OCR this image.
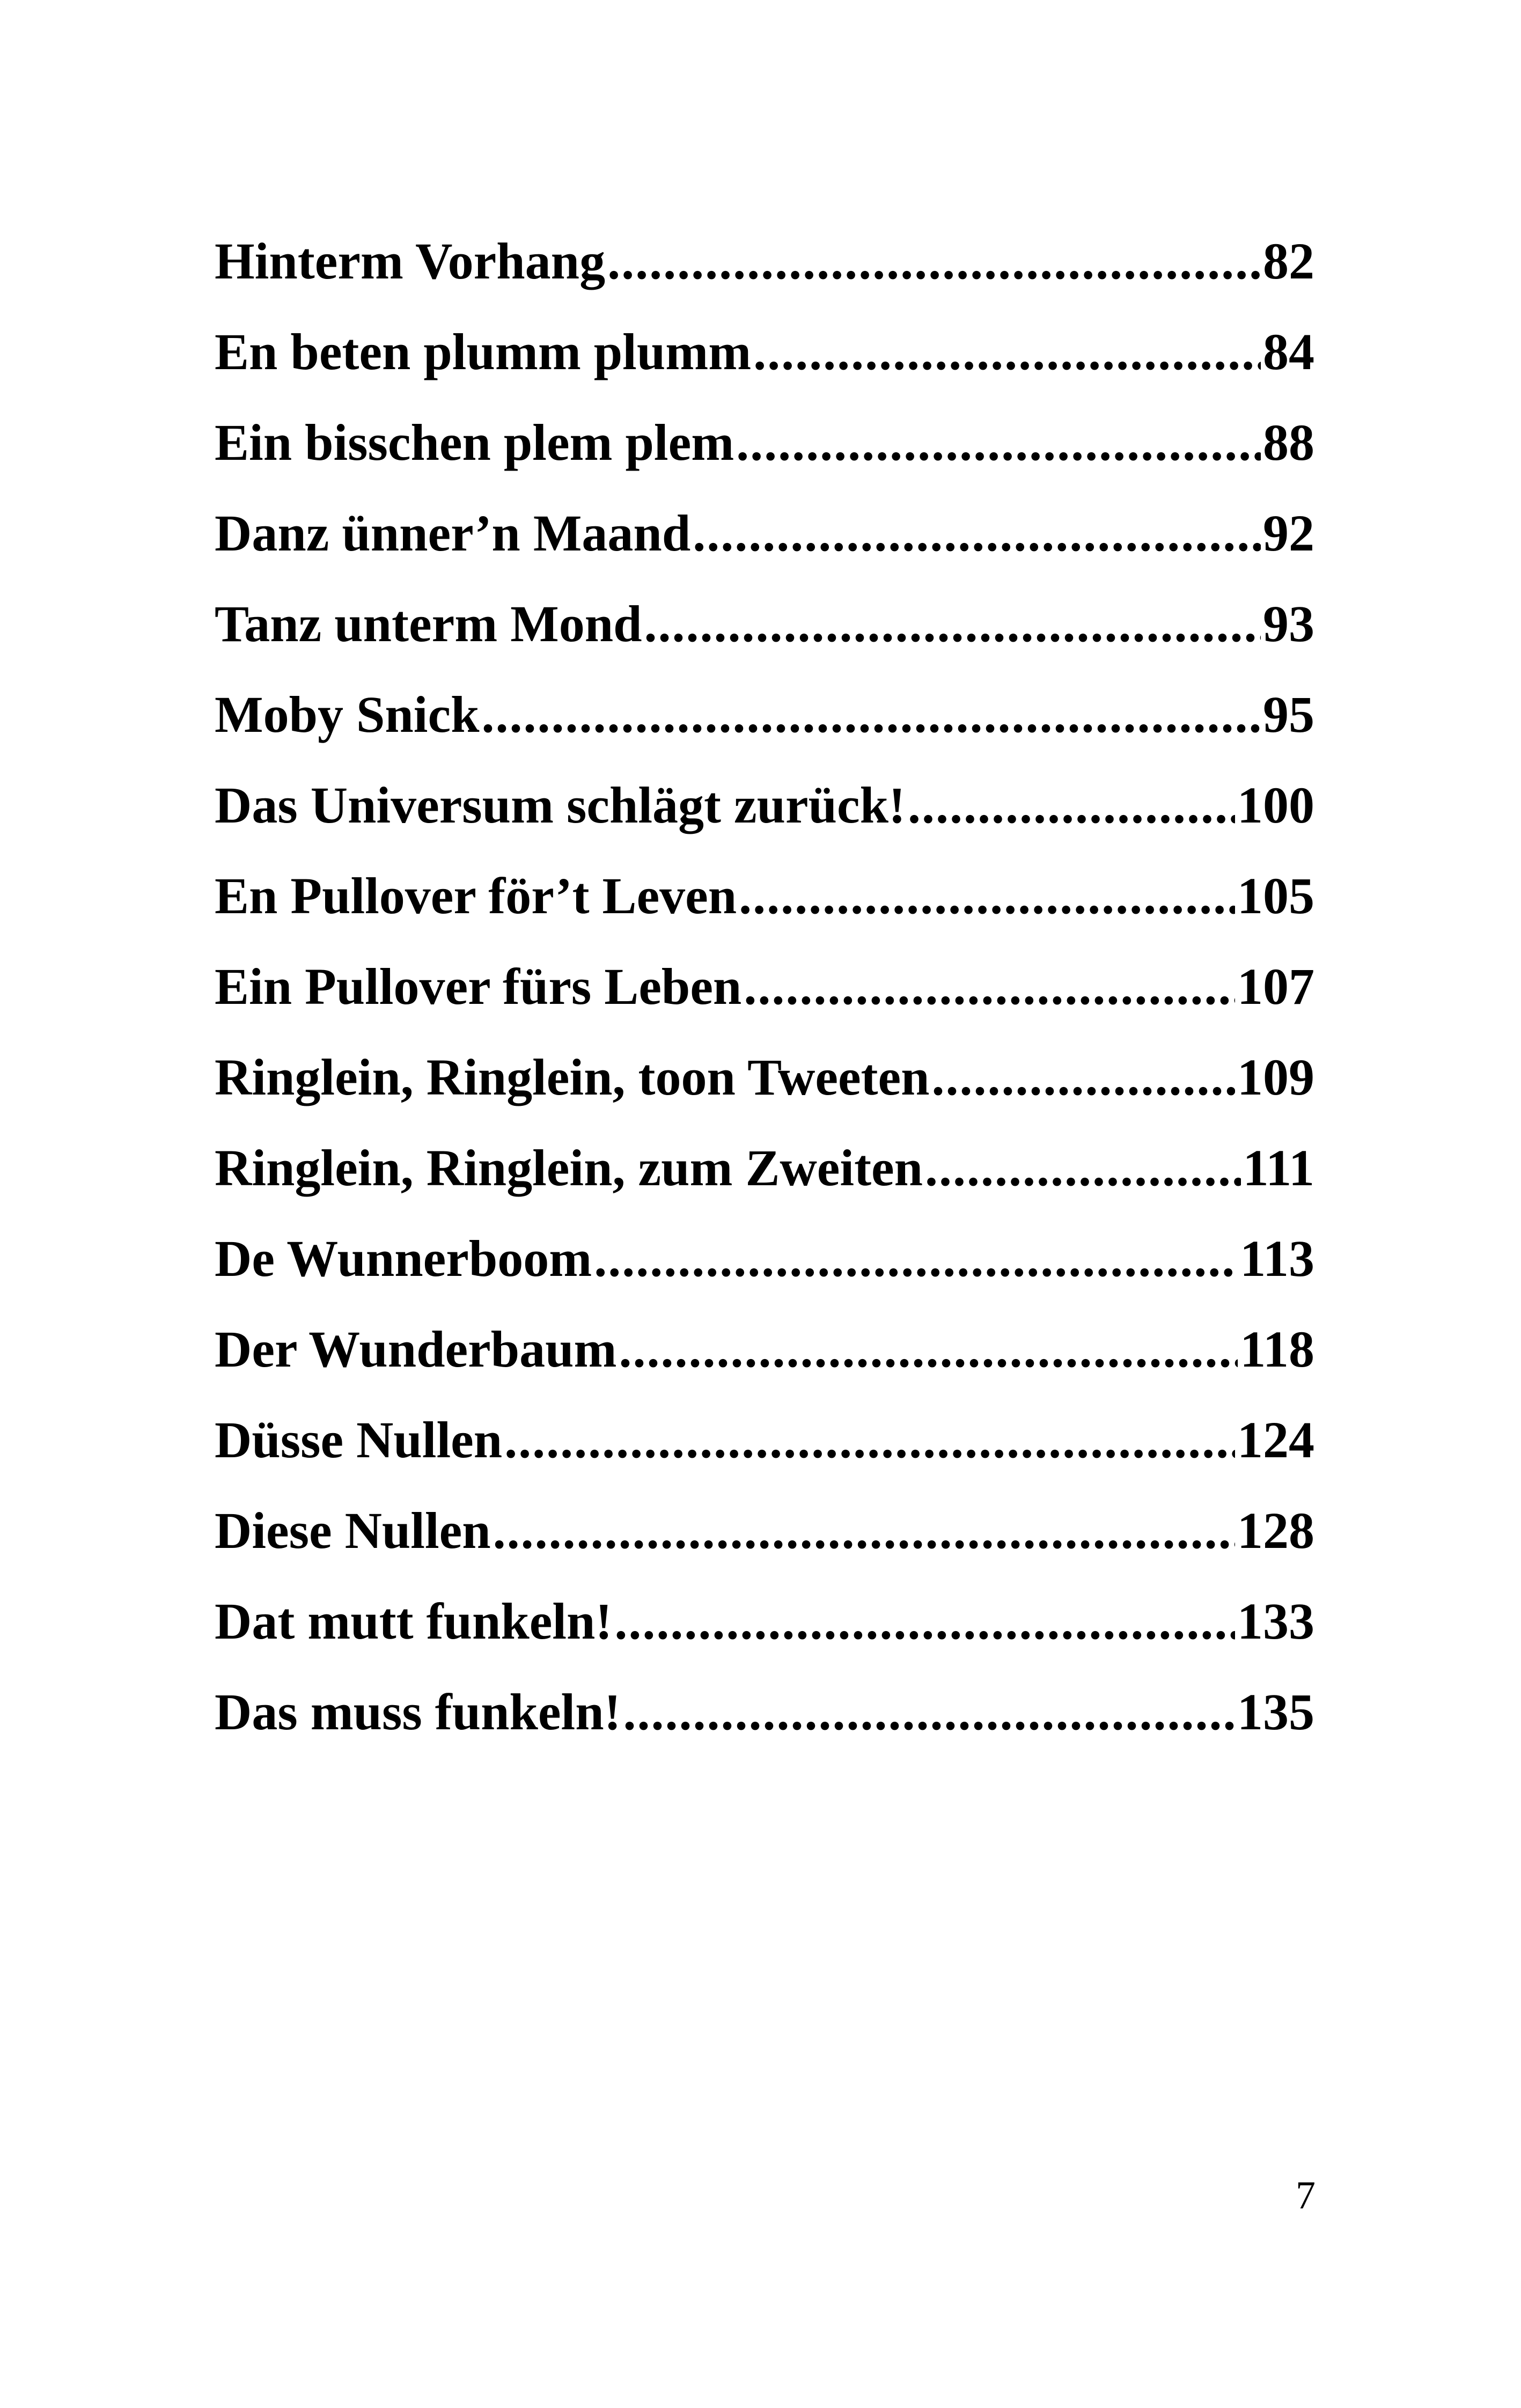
Hinterm Vorhang .....	82
En beten plumm plumm .....	84
Ein bisschen plem plem .....	88
Danz ünner’n Maand .....	92
Tanz unterm Mond .....	93
Moby Snick .....	95
Das Universum schlägt zurück! .....	100
En Pullover för’t Leven .....	105
Ein Pullover fürs Leben .....	107
Ringlein, Ringlein, toon Tweeten .....	109
Ringlein, Ringlein, zum Zweiten .....	111
De Wunnerboom .....	113
Der Wunderbaum .....	118
Düsse Nullen .....	124
Diese Nullen .....	128
Dat mutt funkeln! .....	133
Das muss funkeln! .....	135
7
